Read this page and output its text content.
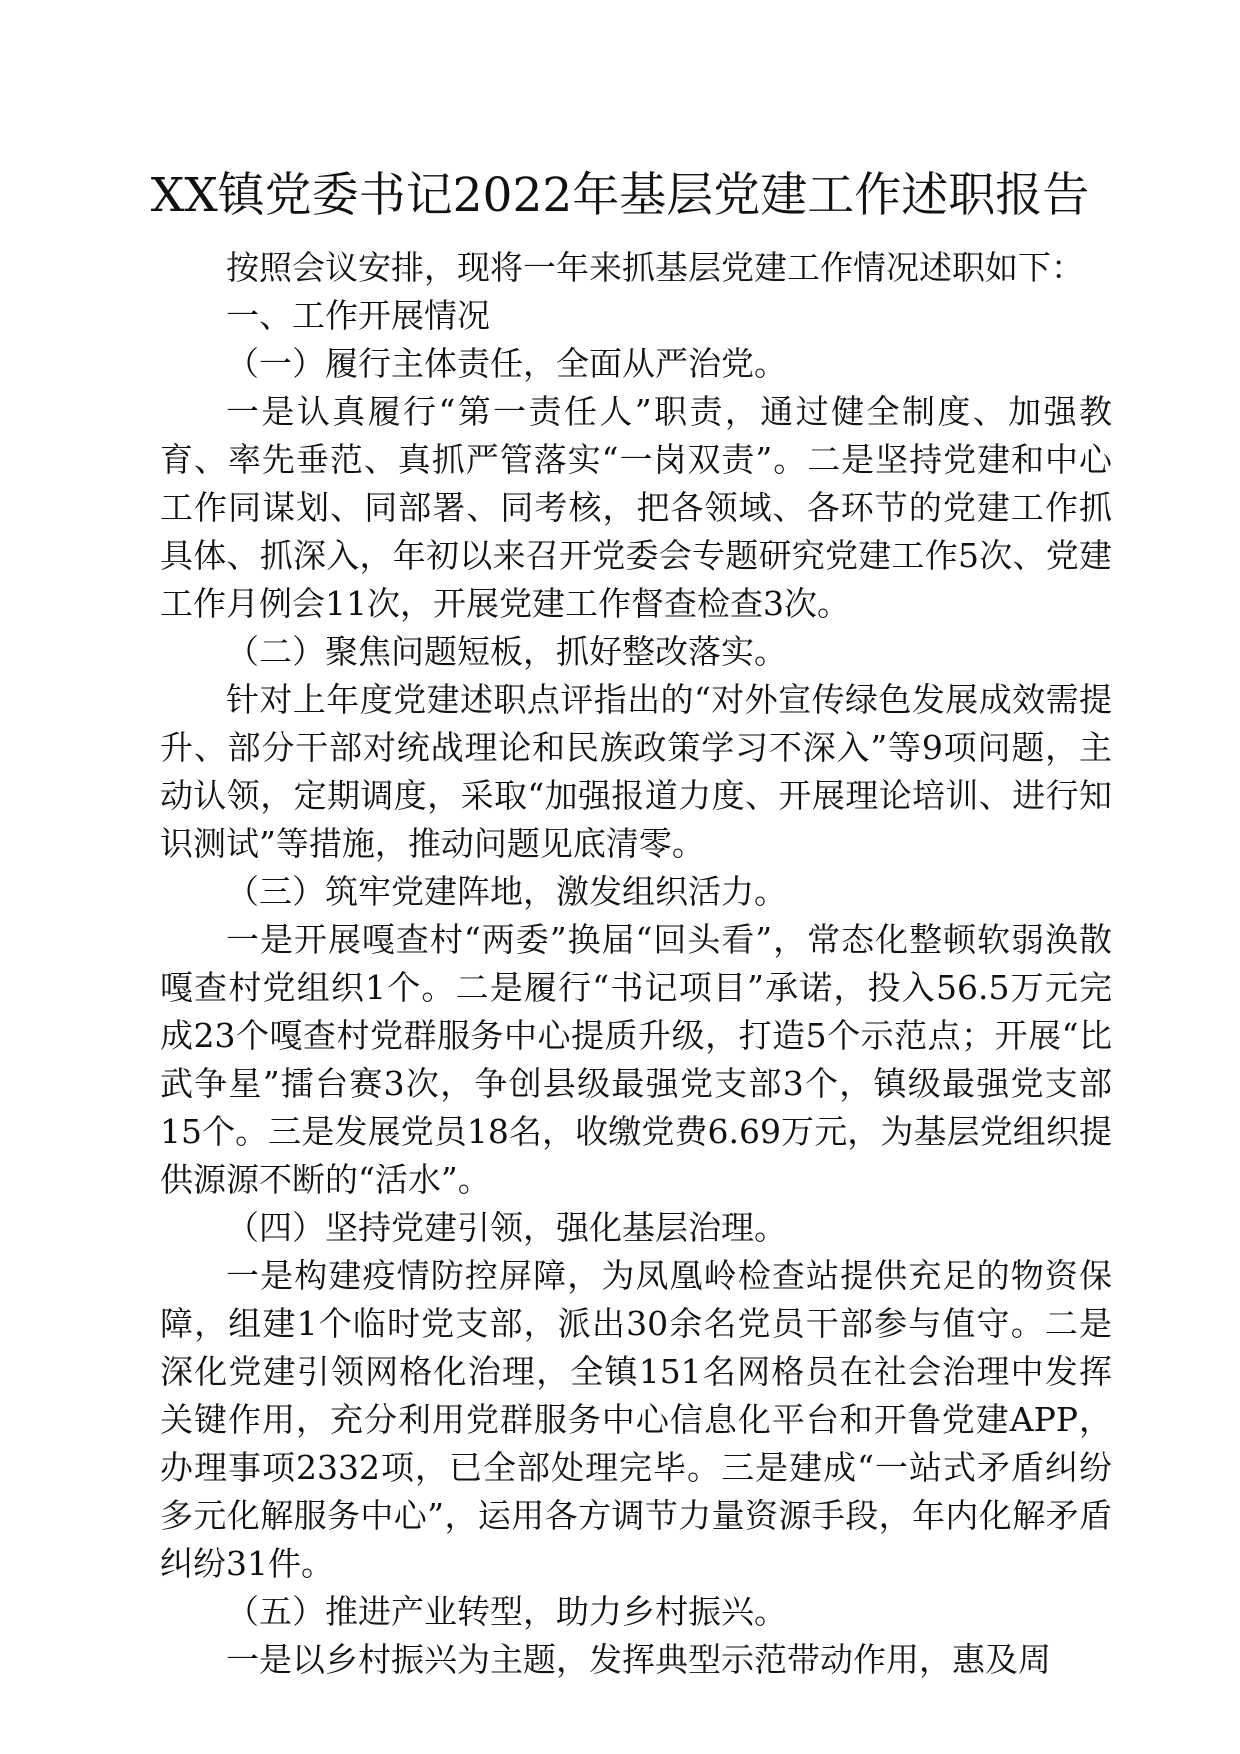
XX镇党委书记2022年基层党建工作述职报告

按照会议安排，现将一年来抓基层党建工作情况述职如下：

一、工作开展情况

（一）履行主体责任，全面从严治党。

一是认真履行“第一责任人”职责，通过健全制度、加强教育、率先垂范、真抓严管落实“一岗双责”。二是坚持党建和中心工作同谋划、同部署、同考核，把各领域、各环节的党建工作抓具体、抓深入，年初以来召开党委会专题研究党建工作5次、党建工作月例会11次，开展党建工作督查检查3次。

（二）聚焦问题短板，抓好整改落实。

针对上年度党建述职点评指出的“对外宣传绿色发展成效需提升、部分干部对统战理论和民族政策学习不深入”等9项问题，主动认领，定期调度，采取“加强报道力度、开展理论培训、进行知识测试”等措施，推动问题见底清零。

（三）筑牢党建阵地，激发组织活力。

一是开展嘎查村“两委”换届“回头看”，常态化整顿软弱涣散嘎查村党组织1个。二是履行“书记项目”承诺，投入56.5万元完成23个嘎查村党群服务中心提质升级，打造5个示范点；开展“比武争星”擂台赛3次，争创县级最强党支部3个，镇级最强党支部15个。三是发展党员18名，收缴党费6.69万元，为基层党组织提供源源不断的“活水”。

（四）坚持党建引领，强化基层治理。

一是构建疫情防控屏障，为凤凰岭检查站提供充足的物资保障，组建1个临时党支部，派出30余名党员干部参与值守。二是深化党建引领网格化治理，全镇151名网格员在社会治理中发挥关键作用，充分利用党群服务中心信息化平台和开鲁党建APP，办理事项2332项，已全部处理完毕。三是建成“一站式矛盾纠纷多元化解服务中心”，运用各方调节力量资源手段，年内化解矛盾纠纷31件。

（五）推进产业转型，助力乡村振兴。

一是以乡村振兴为主题，发挥典型示范带动作用，惠及周
